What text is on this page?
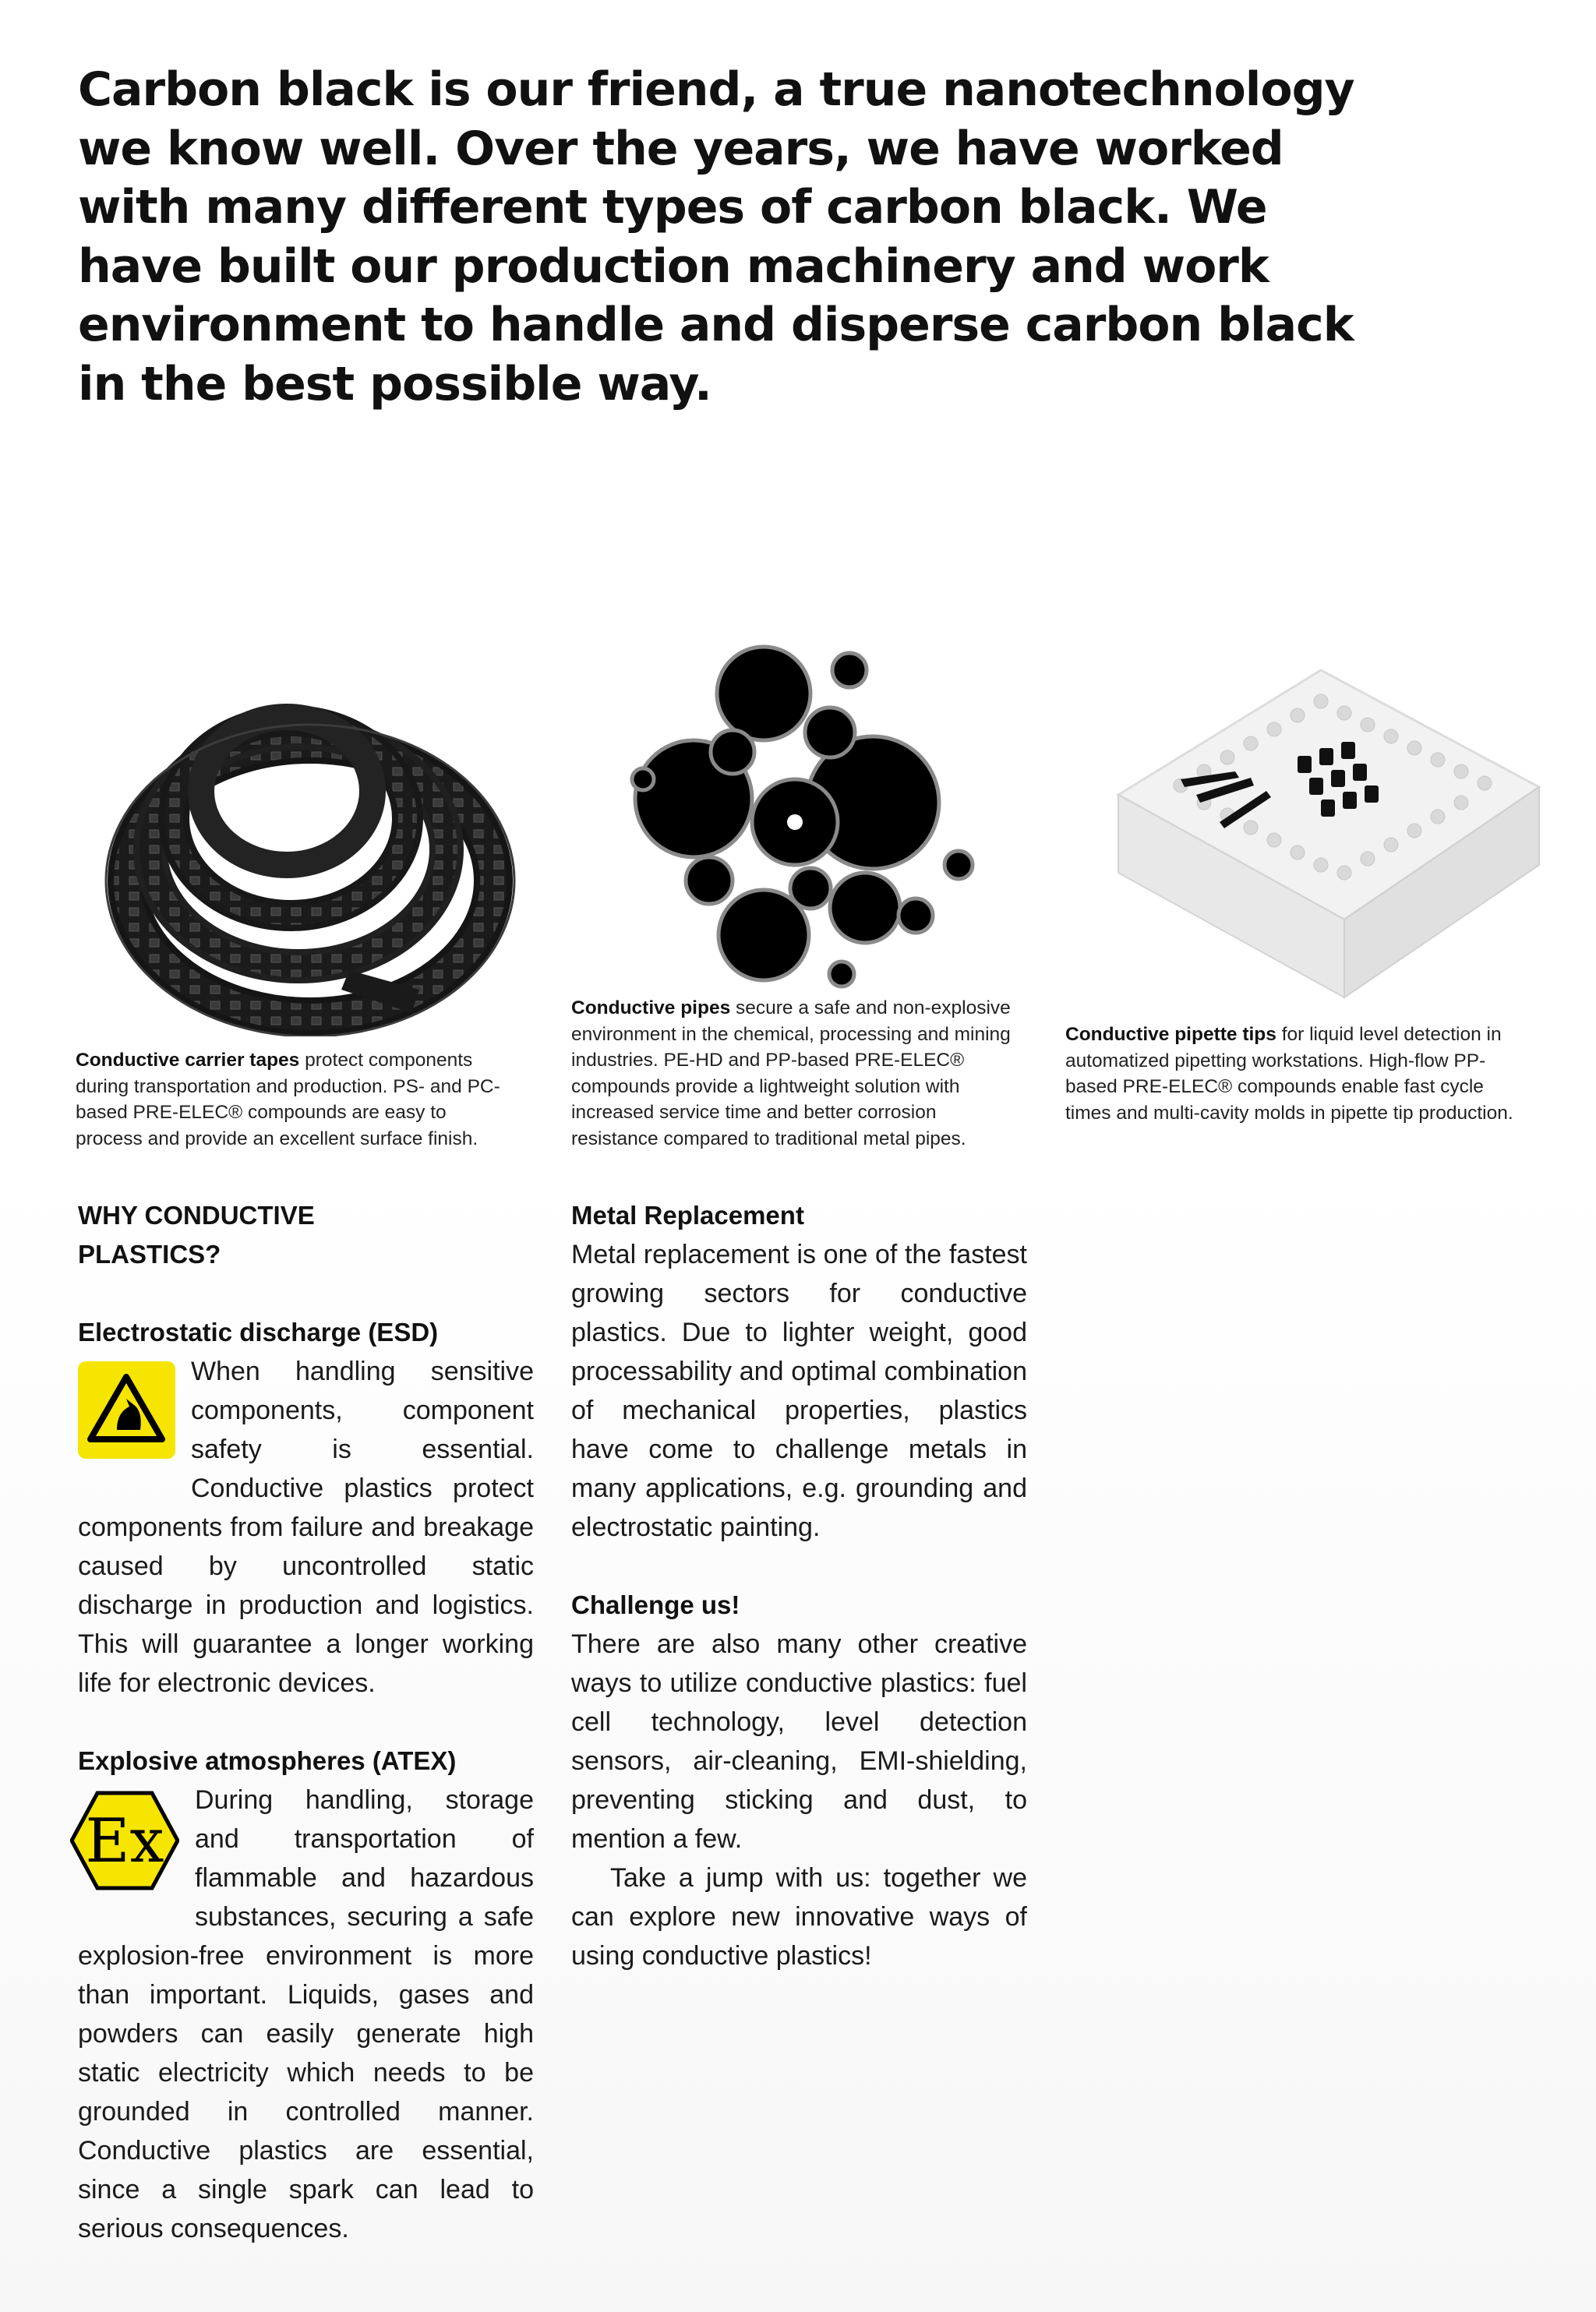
Carbon black is our friend, a true nanotechnology we know well. Over the years, we have worked with many different types of carbon black. We have built our production machinery and work environment to handle and disperse carbon black in the best possible way.
Conductive carrier tapes protect components during transportation and production. PS- and PC- based PRE-ELEC® compounds are easy to process and provide an excellent surface finish.
Conductive pipes secure a safe and non-explosive environment in the chemical, processing and mining industries. PE-HD and PP-based PRE-ELEC® compounds provide a lightweight solution with increased service time and better corrosion resistance compared to traditional metal pipes.
Conductive pipette tips for liquid level detection in automatized pipetting workstations. High-flow PP-based PRE-ELEC® compounds enable fast cycle times and multi-cavity molds in pipette tip production.
WHY CONDUCTIVE PLASTICS?
Electrostatic discharge (ESD)

When handling sensitive components, component safety is essential. Conductive plastics protect components from failure and breakage caused by uncontrolled static discharge in production and logistics. This will guarantee a longer working life for electronic devices.

Explosive atmospheres (ATEX)

Ex
During handling, storage and transportation of flammable and hazardous substances, securing a safe explosion-free environment is more than important. Liquids, gases and powders can easily generate high static electricity which needs to be grounded in controlled manner. Conductive plastics are essential, since a single spark can lead to serious consequences.

Metal Replacement

Metal replacement is one of the fastest growing sectors for conductive plastics. Due to lighter weight, good processability and optimal combination of mechanical properties, plastics have come to challenge metals in many applications, e.g. grounding and electrostatic painting.

Challenge us!

There are also many other creative ways to utilize conductive plastics: fuel cell technology, level detection sensors, air-cleaning, EMI-shielding, preventing sticking and dust, to mention a few.

Take a jump with us: together we can explore new innovative ways of using conductive plastics!
